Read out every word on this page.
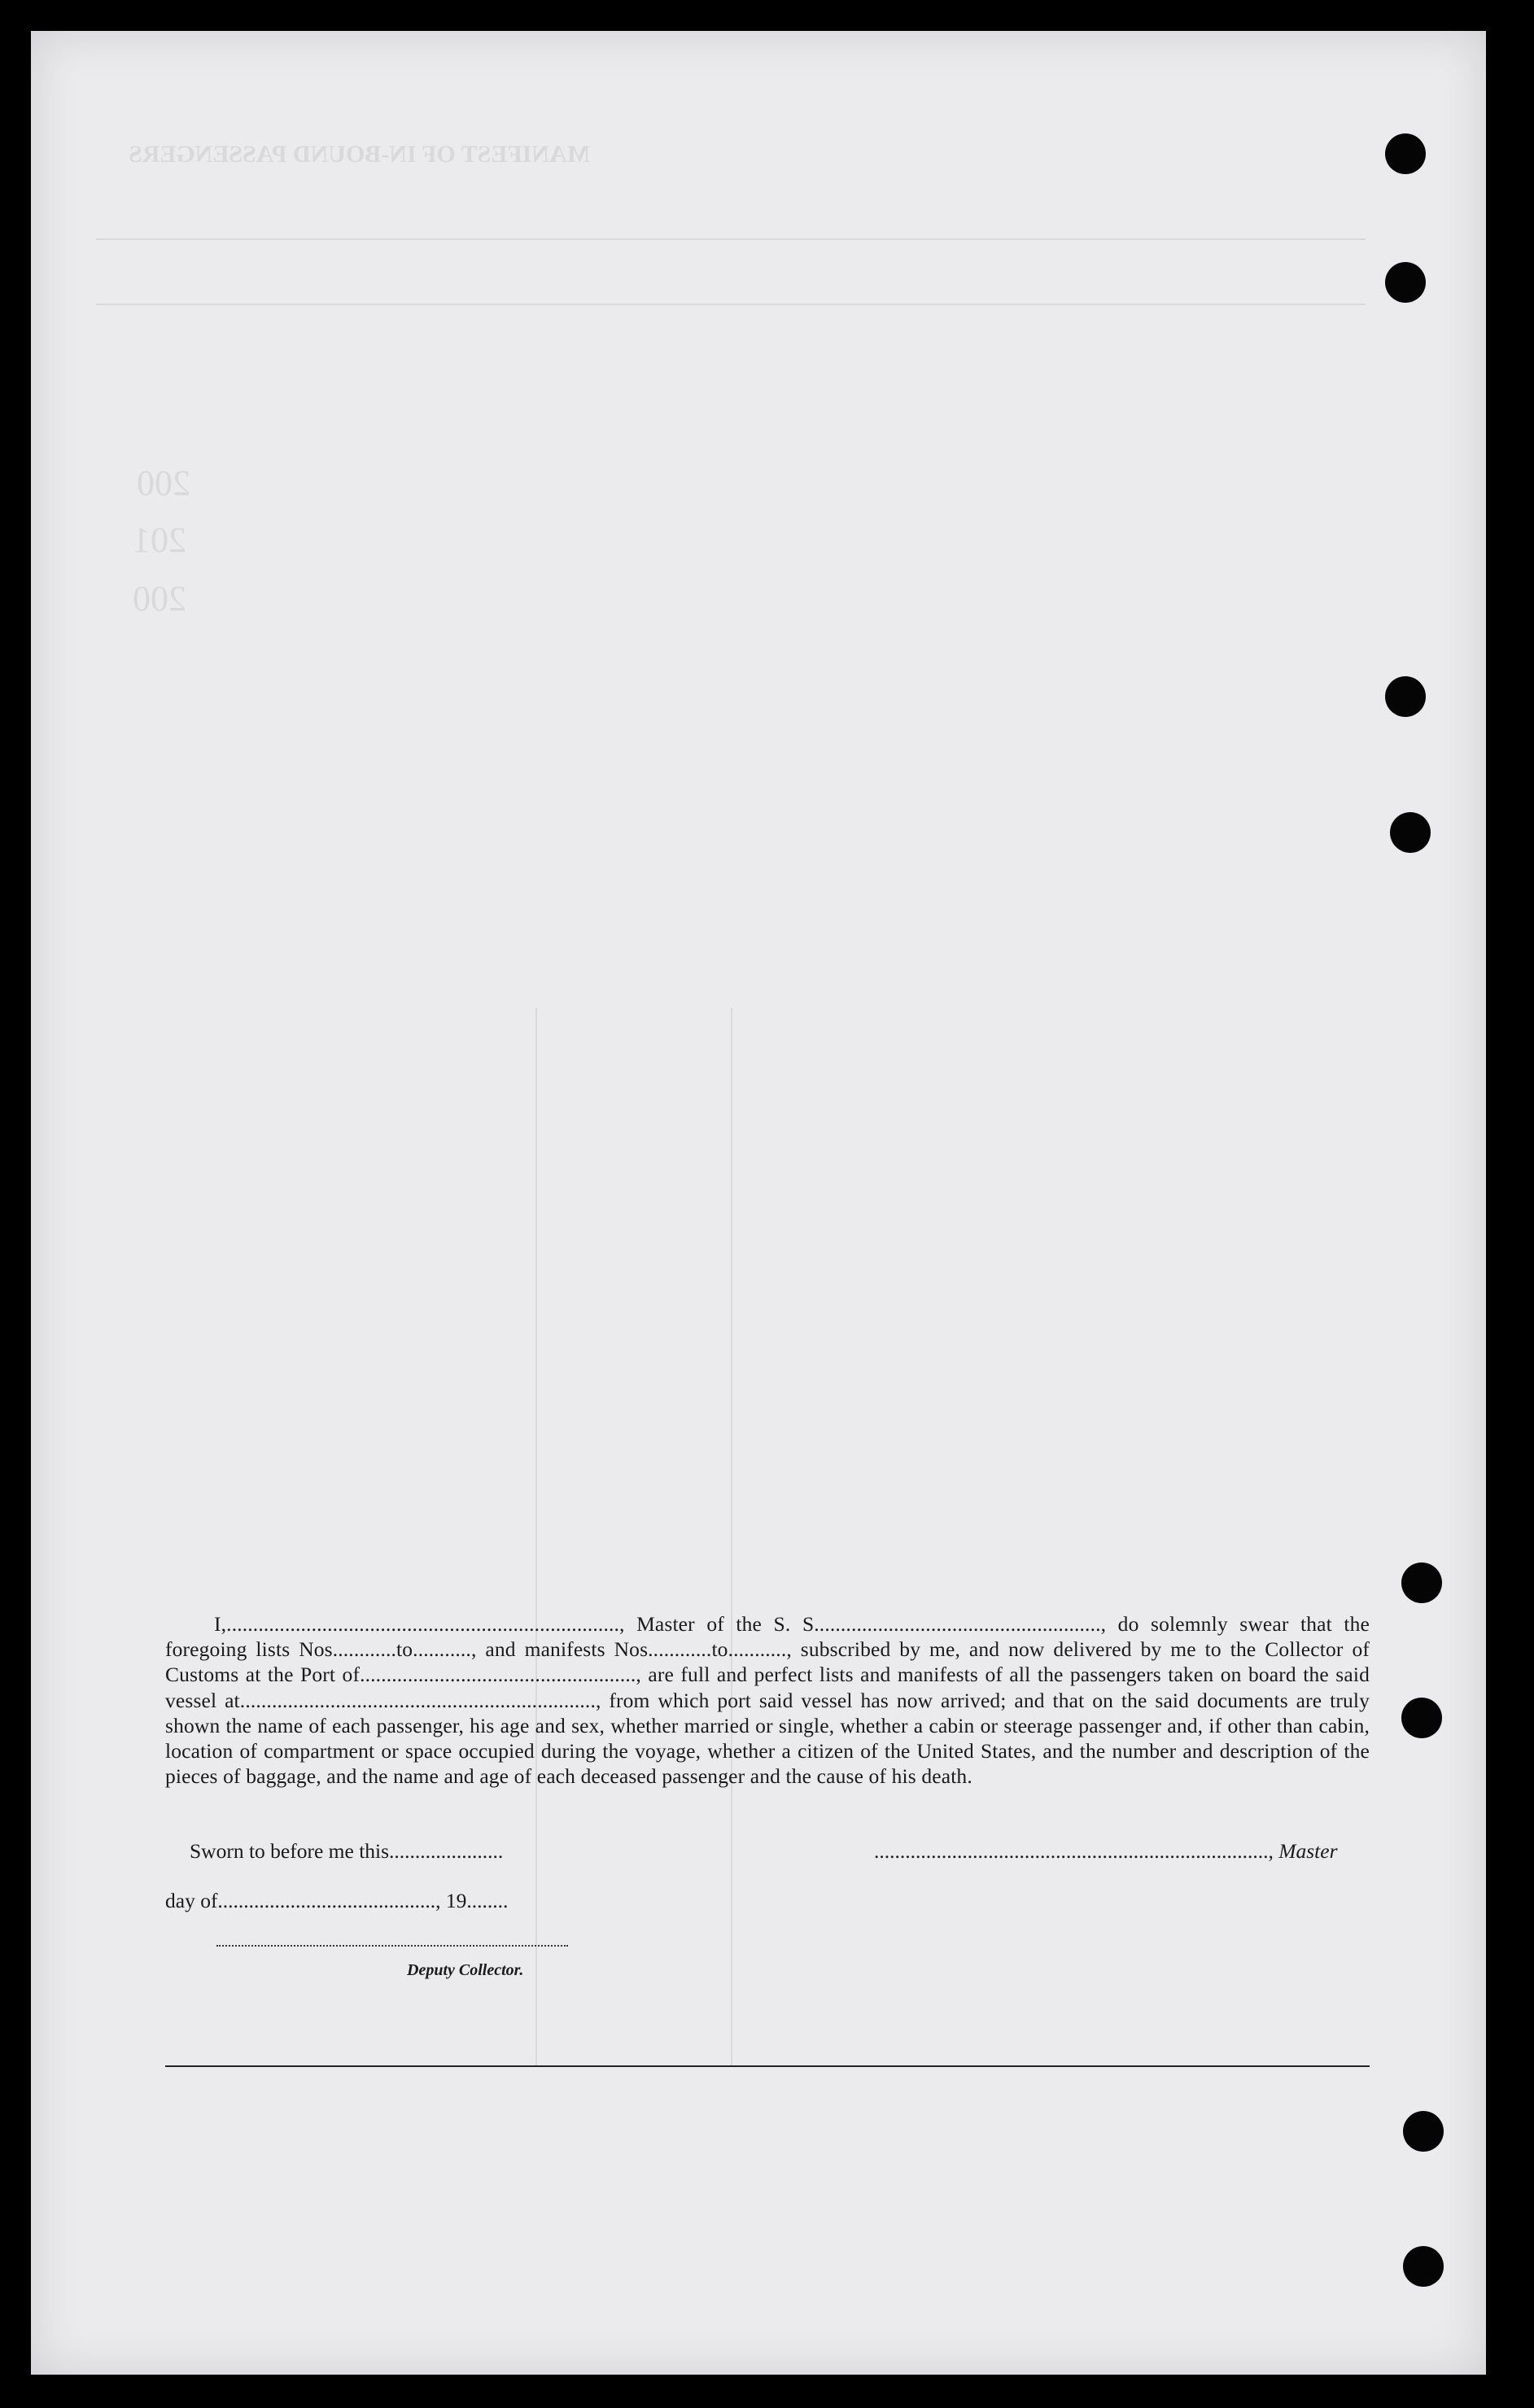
MANIFEST OF IN-BOUND PASSENGERS
200
201
200
I,.........................................................................., Master of the S. S......................................................, do solemnly swear that the foregoing lists Nos............to..........., and manifests Nos............to..........., subscribed by me, and now delivered by me to the Collector of Customs at the Port of...................................................., are full and perfect lists and manifests of all the passengers taken on board the said vessel at..................................................................., from which port said vessel has now arrived; and that on the said documents are truly shown the name of each passenger, his age and sex, whether married or single, whether a cabin or steerage passenger and, if other than cabin, location of compartment or space occupied during the voyage, whether a citizen of the United States, and the number and description of the pieces of baggage, and the name and age of each deceased passenger and the cause of his death.
Sworn to before me this......................	............................................................................, Master
day of.........................................., 19........
Deputy Collector.
